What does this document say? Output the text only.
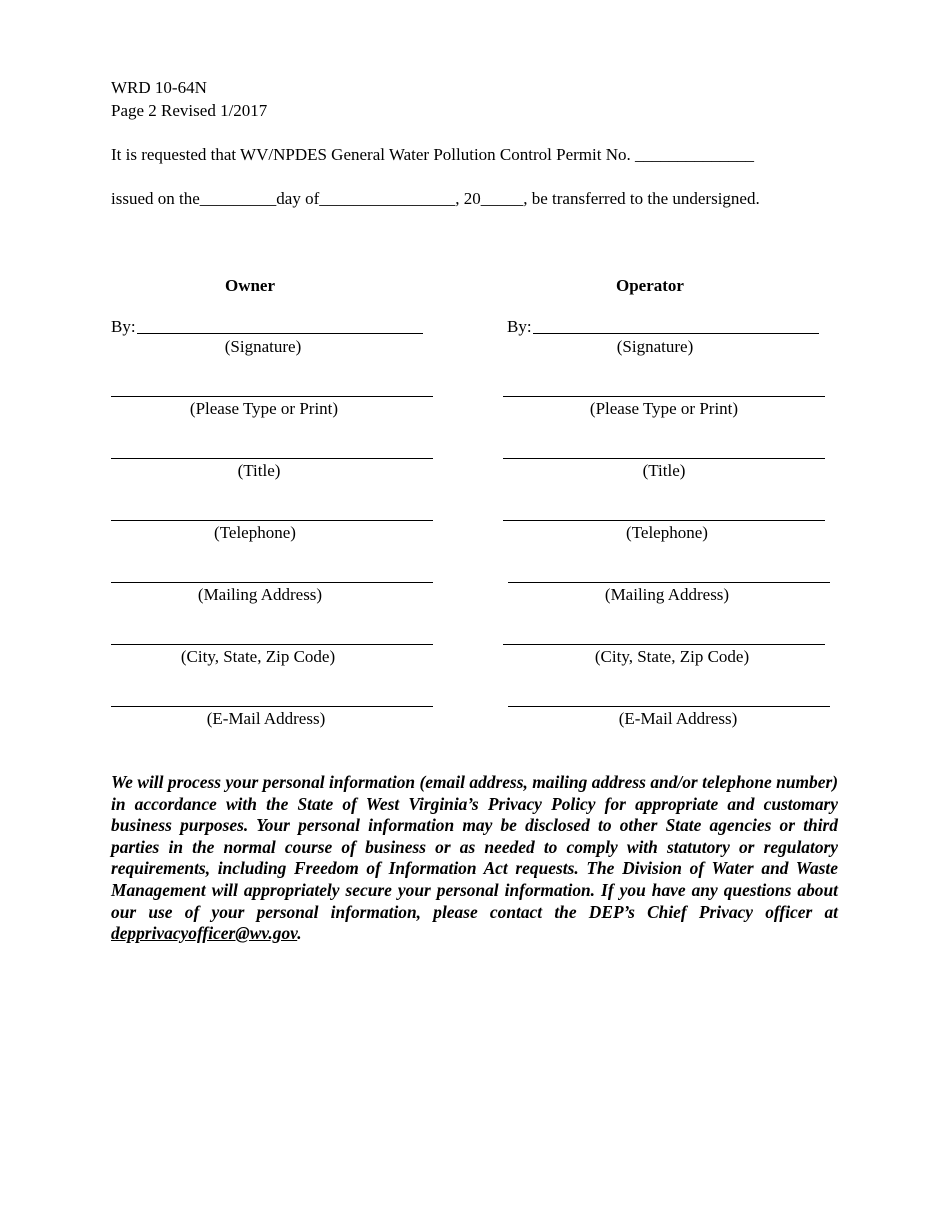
WRD 10-64N
Page 2 Revised 1/2017
It is requested that WV/NPDES General Water Pollution Control Permit No. ______________
issued on the_________day of________________, 20_____, be transferred to the undersigned.
Owner
By:
(Signature)
(Please Type or Print)
(Title)
(Telephone)
(Mailing Address)
(City, State, Zip Code)
(E-Mail Address)
Operator
By:
(Signature)
(Please Type or Print)
(Title)
(Telephone)
(Mailing Address)
(City, State, Zip Code)
(E-Mail Address)
We will process your personal information (email address, mailing address and/or telephone number) in accordance with the State of West Virginia’s Privacy Policy for appropriate and customary business purposes. Your personal information may be disclosed to other State agencies or third parties in the normal course of business or as needed to comply with statutory or regulatory requirements, including Freedom of Information Act requests. The Division of Water and Waste Management will appropriately secure your personal information. If you have any questions about our use of your personal information, please contact the DEP’s Chief Privacy officer at depprivacyofficer@wv.gov.
